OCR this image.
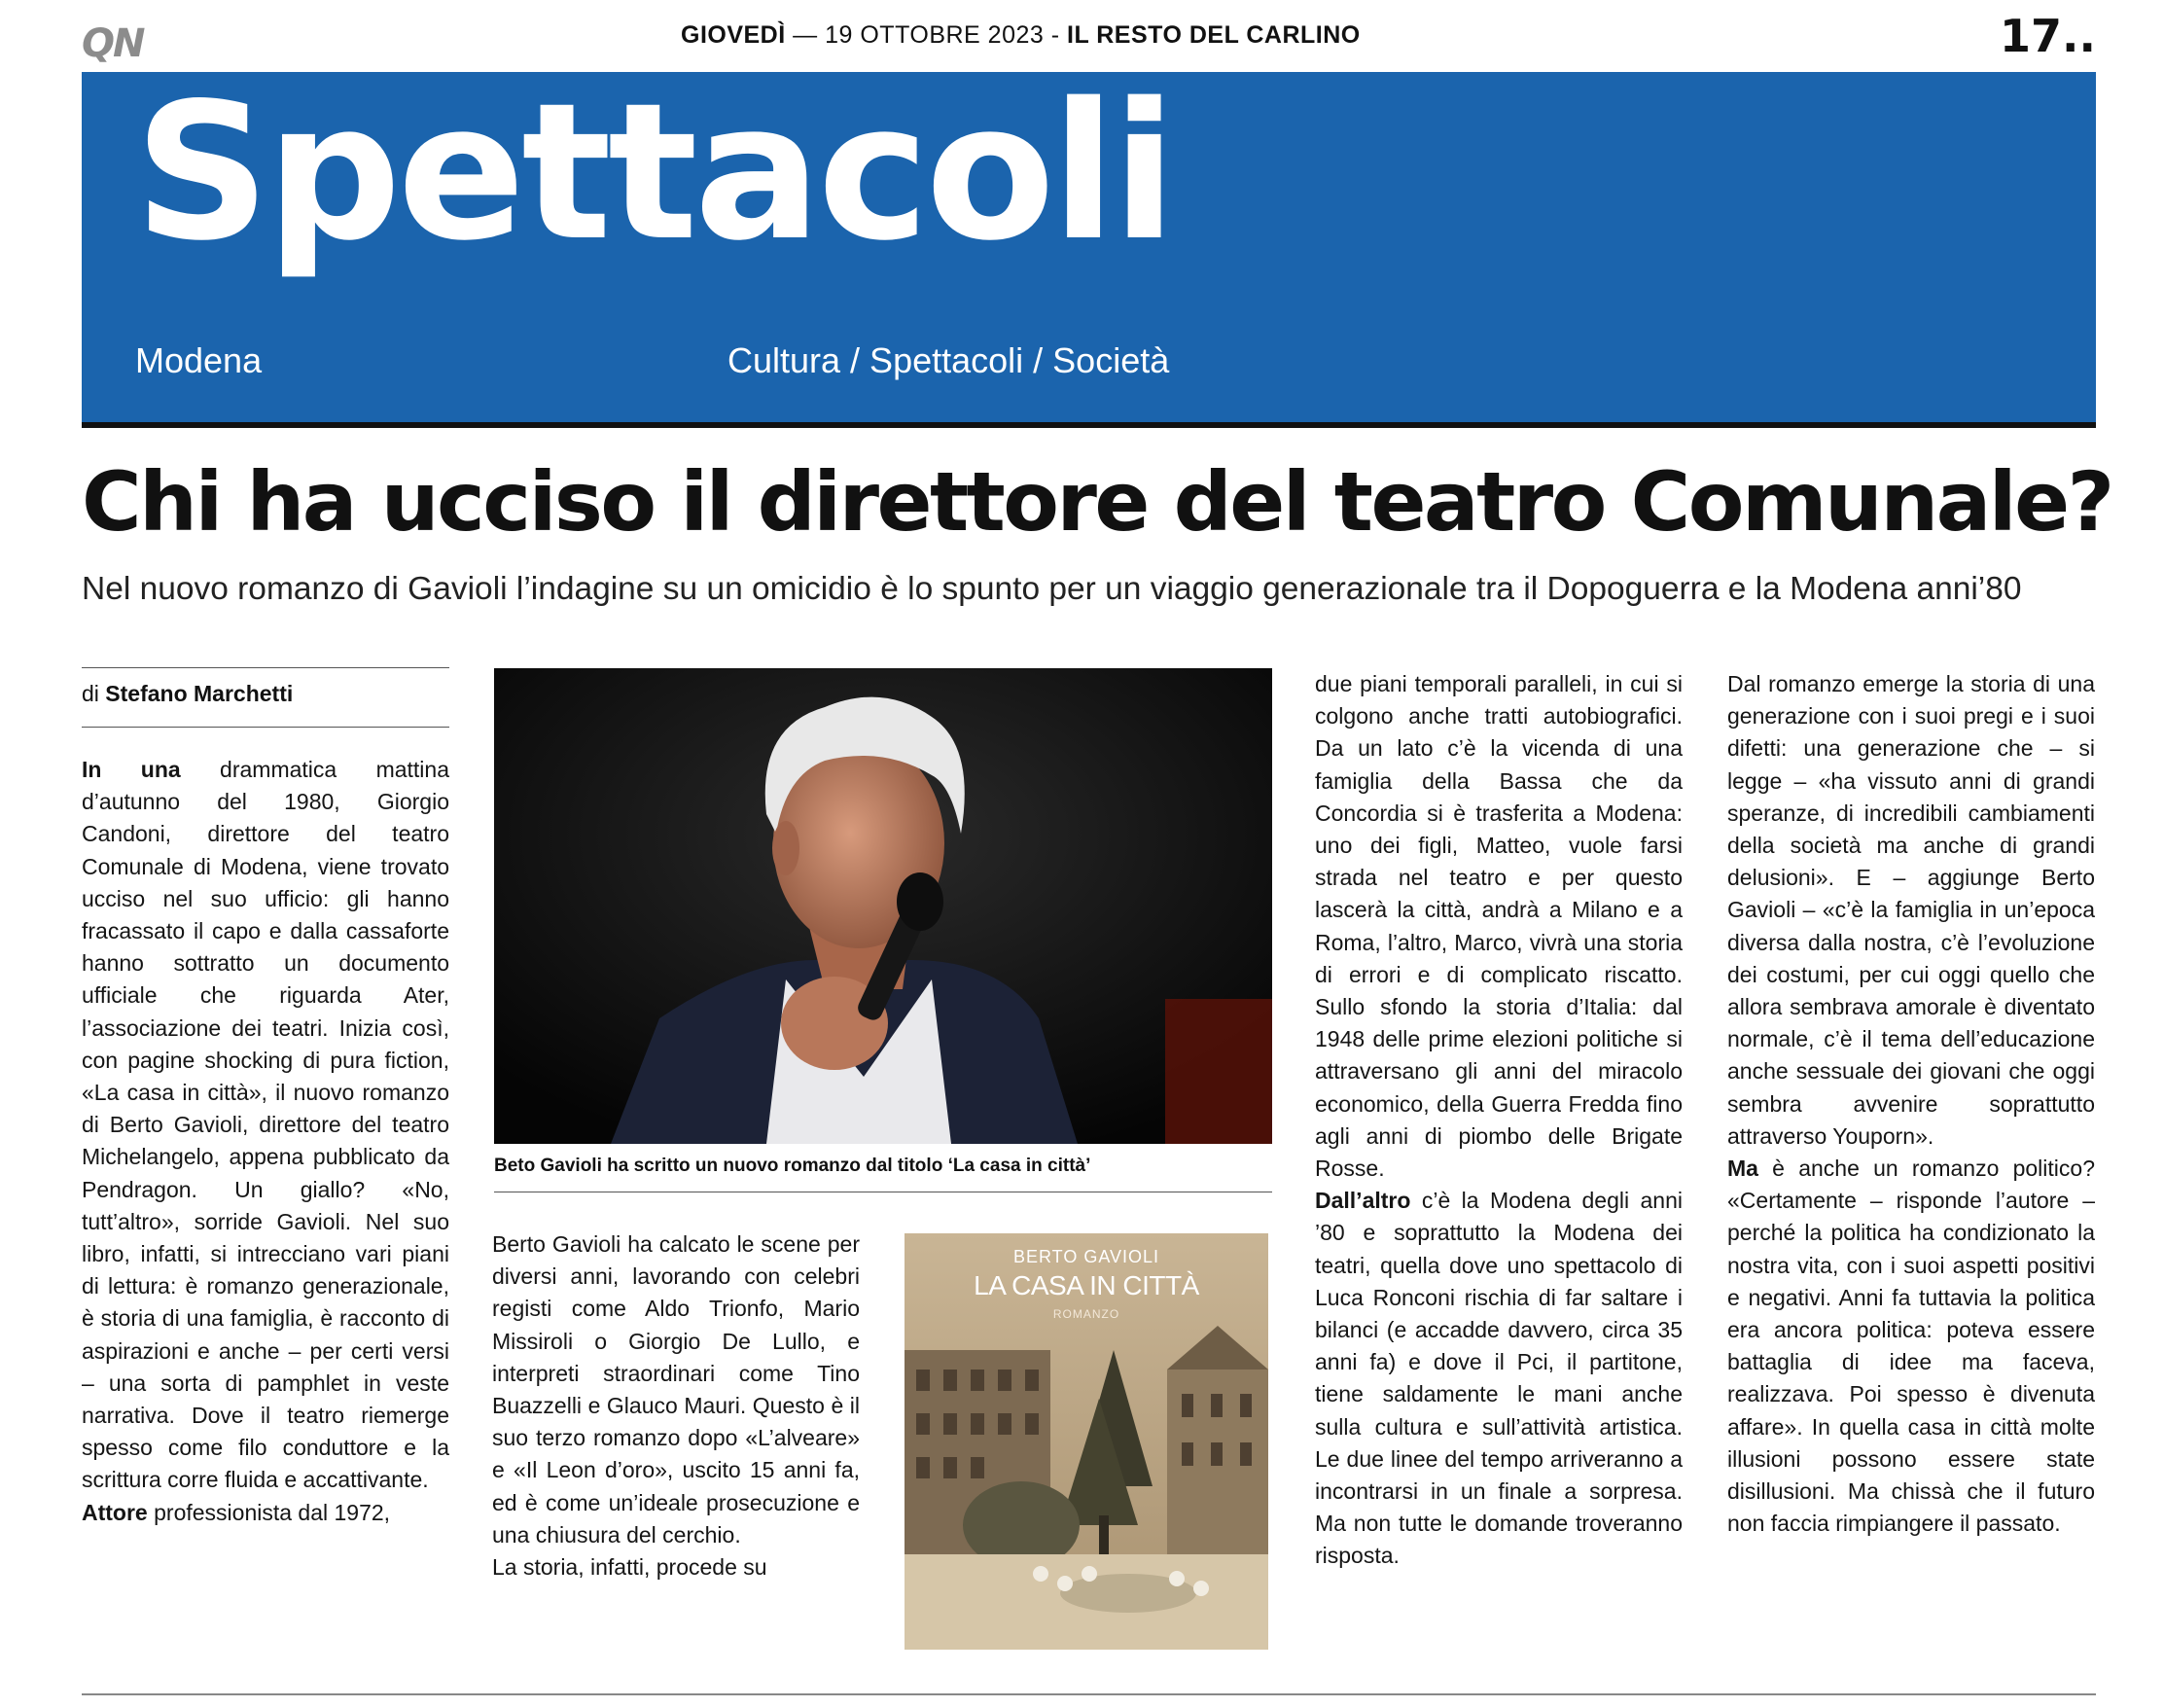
QN	GIOVEDÌ — 19 OTTOBRE 2023 - IL RESTO DEL CARLINO	17..
Spettacoli
Modena	Cultura / Spettacoli / Società
Chi ha ucciso il direttore del teatro Comunale?
Nel nuovo romanzo di Gavioli l’indagine su un omicidio è lo spunto per un viaggio generazionale tra il Dopoguerra e la Modena anni’80
di Stefano Marchetti

In una drammatica mattina d’autunno del 1980, Giorgio Candoni, direttore del teatro Comunale di Modena, viene trovato ucciso nel suo ufficio: gli hanno fracassato il capo e dalla cassaforte hanno sottratto un documento ufficiale che riguarda Ater, l’associazione dei teatri. Inizia così, con pagine shocking di pura fiction, «La casa in città», il nuovo romanzo di Berto Gavioli, direttore del teatro Michelangelo, appena pubblicato da Pendragon. Un giallo? «No, tutt’altro», sorride Gavioli. Nel suo libro, infatti, si intrecciano vari piani di lettura: è romanzo generazionale, è storia di una famiglia, è racconto di aspirazioni e anche – per certi versi – una sorta di pamphlet in veste narrativa. Dove il teatro riemerge spesso come filo conduttore e la scrittura corre fluida e accattivante.

Attore professionista dal 1972,

Beto Gavioli ha scritto un nuovo romanzo dal titolo ‘La casa in città’

Berto Gavioli ha calcato le scene per diversi anni, lavorando con celebri registi come Aldo Trionfo, Mario Missiroli o Giorgio De Lullo, e interpreti straordinari come Tino Buazzelli e Glauco Mauri. Questo è il suo terzo romanzo dopo «L’alveare» e «Il Leon d’oro», uscito 15 anni fa, ed è come un’ideale prosecuzione e una chiusura del cerchio.

La storia, infatti, procede su

BERTO GAVIOLI
LA CASA IN CITTÀ
ROMANZO

due piani temporali paralleli, in cui si colgono anche tratti autobiografici. Da un lato c’è la vicenda di una famiglia della Bassa che da Concordia si è trasferita a Modena: uno dei figli, Matteo, vuole farsi strada nel teatro e per questo lascerà la città, andrà a Milano e a Roma, l’altro, Marco, vivrà una storia di errori e di complicato riscatto. Sullo sfondo la storia d’Italia: dal 1948 delle prime elezioni politiche si attraversano gli anni del miracolo economico, della Guerra Fredda fino agli anni di piombo delle Brigate Rosse.

Dall’altro c’è la Modena degli anni ’80 e soprattutto la Modena dei teatri, quella dove uno spettacolo di Luca Ronconi rischia di far saltare i bilanci (e accadde davvero, circa 35 anni fa) e dove il Pci, il partitone, tiene saldamente le mani anche sulla cultura e sull’attività artistica. Le due linee del tempo arriveranno a incontrarsi in un finale a sorpresa. Ma non tutte le domande troveranno risposta.

Dal romanzo emerge la storia di una generazione con i suoi pregi e i suoi difetti: una generazione che – si legge – «ha vissuto anni di grandi speranze, di incredibili cambiamenti della società ma anche di grandi delusioni». E – aggiunge Berto Gavioli – «c’è la famiglia in un’epoca diversa dalla nostra, c’è l’evoluzione dei costumi, per cui oggi quello che allora sembrava amorale è diventato normale, c’è il tema dell’educazione anche sessuale dei giovani che oggi sembra avvenire soprattutto attraverso Youporn».

Ma è anche un romanzo politico? «Certamente – risponde l’autore – perché la politica ha condizionato la nostra vita, con i suoi aspetti positivi e negativi. Anni fa tuttavia la politica era ancora politica: poteva essere battaglia di idee ma faceva, realizzava. Poi spesso è divenuta affare». In quella casa in città molte illusioni possono essere state disillusioni. Ma chissà che il futuro non faccia rimpiangere il passato.
